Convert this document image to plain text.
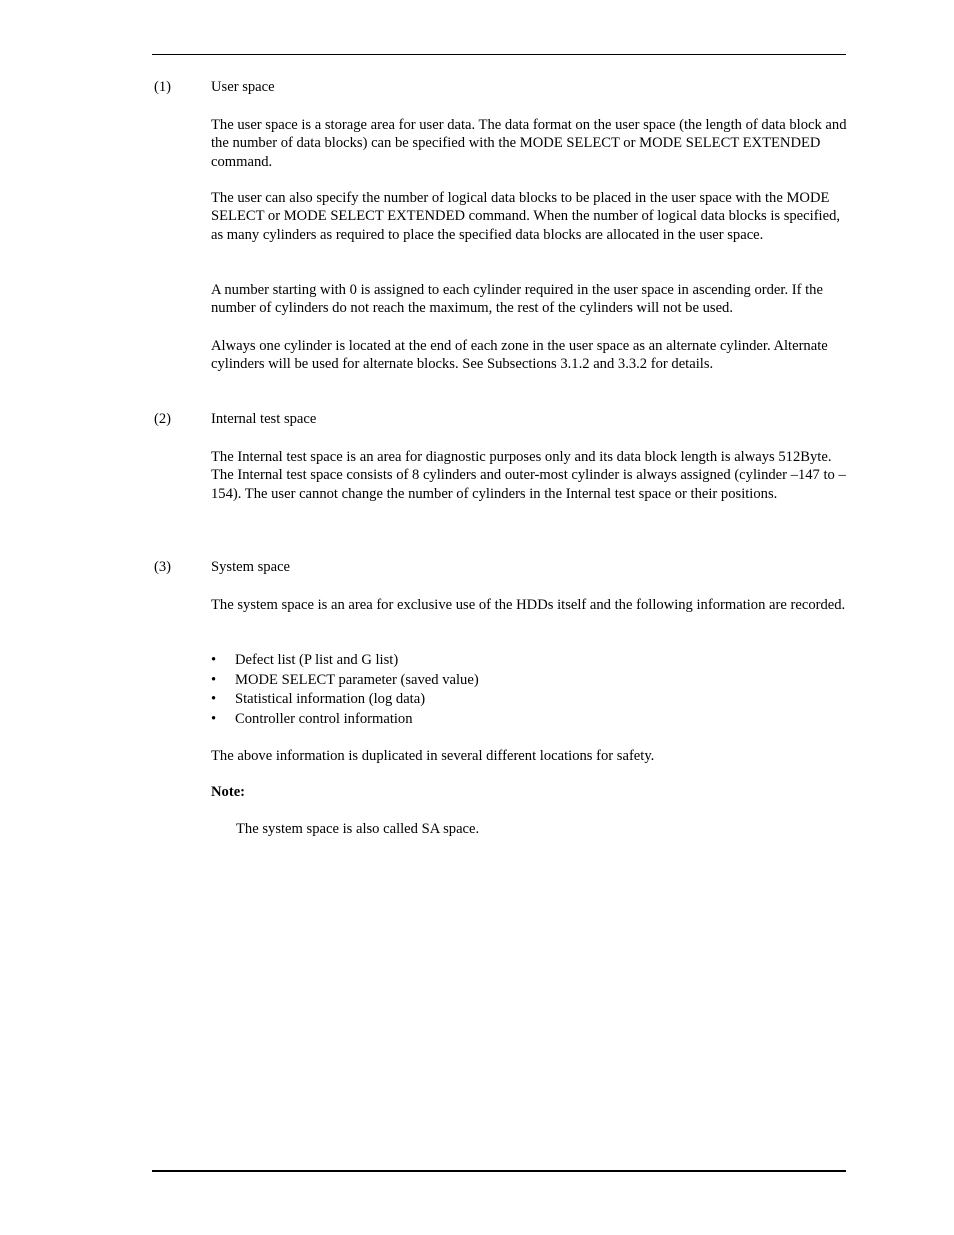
(1)	User space
The user space is a storage area for user data. The data format on the user space (the length of data block and the number of data blocks) can be specified with the MODE SELECT or MODE SELECT EXTENDED command.
The user can also specify the number of logical data blocks to be placed in the user space with the MODE SELECT or MODE SELECT EXTENDED command. When the number of logical data blocks is specified, as many cylinders as required to place the specified data blocks are allocated in the user space.
A number starting with 0 is assigned to each cylinder required in the user space in ascending order. If the number of cylinders do not reach the maximum, the rest of the cylinders will not be used.
Always one cylinder is located at the end of each zone in the user space as an alternate cylinder. Alternate cylinders will be used for alternate blocks. See Subsections 3.1.2 and 3.3.2 for details.
(2)	Internal test space
The Internal test space is an area for diagnostic purposes only and its data block length is always 512Byte. The Internal test space consists of 8 cylinders and outer-most cylinder is always assigned (cylinder –147 to –154). The user cannot change the number of cylinders in the Internal test space or their positions.
(3)	System space
The system space is an area for exclusive use of the HDDs itself and the following information are recorded.
• Defect list (P list and G list)
• MODE SELECT parameter (saved value)
• Statistical information (log data)
• Controller control information
The above information is duplicated in several different locations for safety.
Note:
The system space is also called SA space.
